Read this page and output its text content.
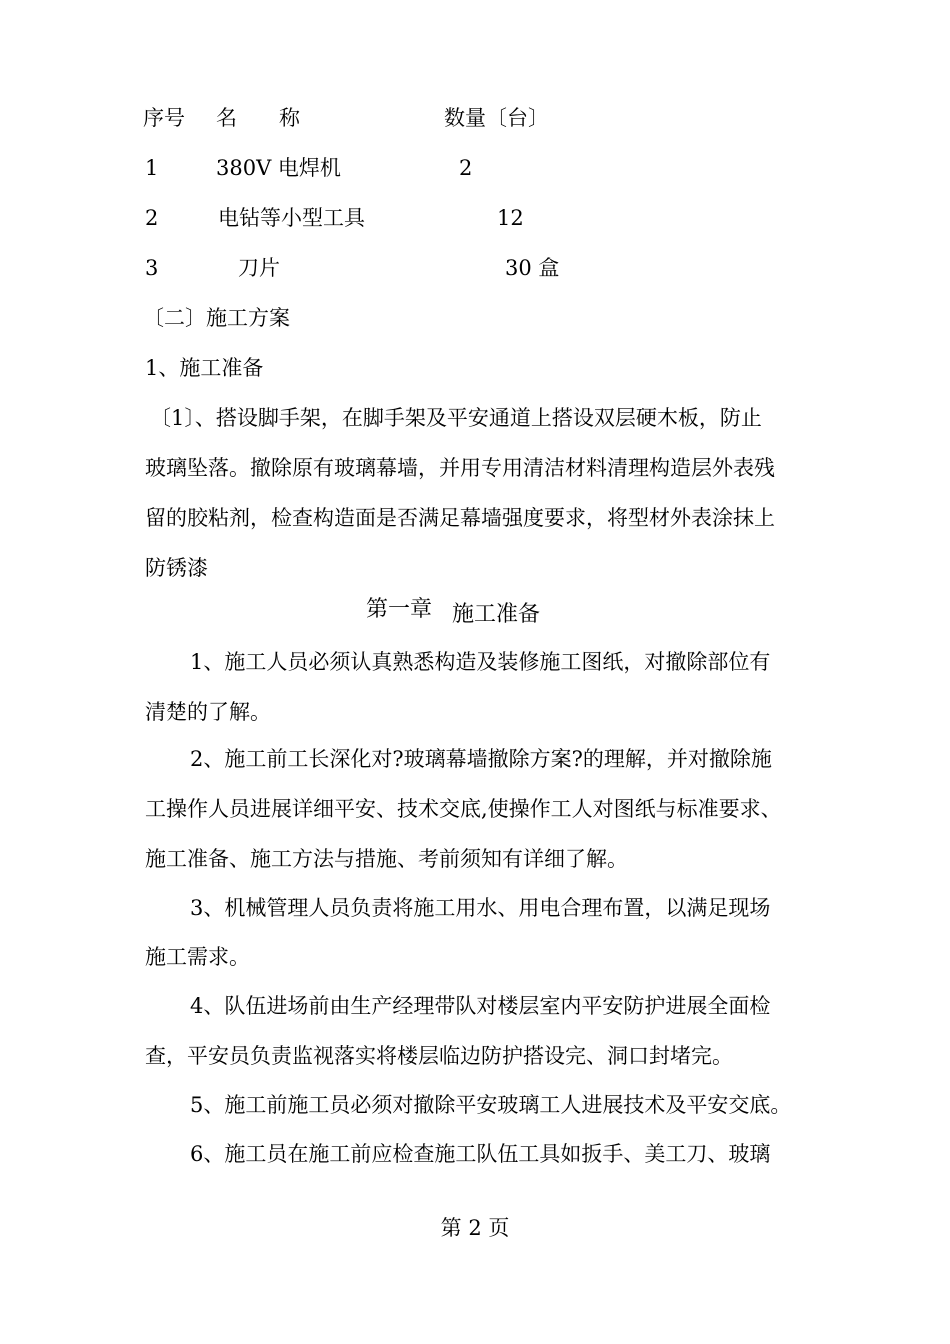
序号 名　　称	数量〔台〕
1	380V 电焊机	2
2	电钻等小型工具	12
3	刀片	30 盒
〔二〕施工方案
1、施工准备
〔1〕、搭设脚手架，在脚手架及平安通道上搭设双层硬木板，防止
玻璃坠落。撤除原有玻璃幕墙，并用专用清洁材料清理构造层外表残
留的胶粘剂，检查构造面是否满足幕墙强度要求，将型材外表涂抹上
防锈漆
第一章 施工准备
1、施工人员必须认真熟悉构造及装修施工图纸，对撤除部位有
清楚的了解。
2、施工前工长深化对?玻璃幕墙撤除方案?的理解，并对撤除施
工操作人员进展详细平安、技术交底,使操作工人对图纸与标准要求、
施工准备、施工方法与措施、考前须知有详细了解。
3、机械管理人员负责将施工用水、用电合理布置，以满足现场
施工需求。
4、队伍进场前由生产经理带队对楼层室内平安防护进展全面检
查，平安员负责监视落实将楼层临边防护搭设完、洞口封堵完。
5、施工前施工员必须对撤除平安玻璃工人进展技术及平安交底。
6、施工员在施工前应检查施工队伍工具如扳手、美工刀、玻璃
第 2 页
